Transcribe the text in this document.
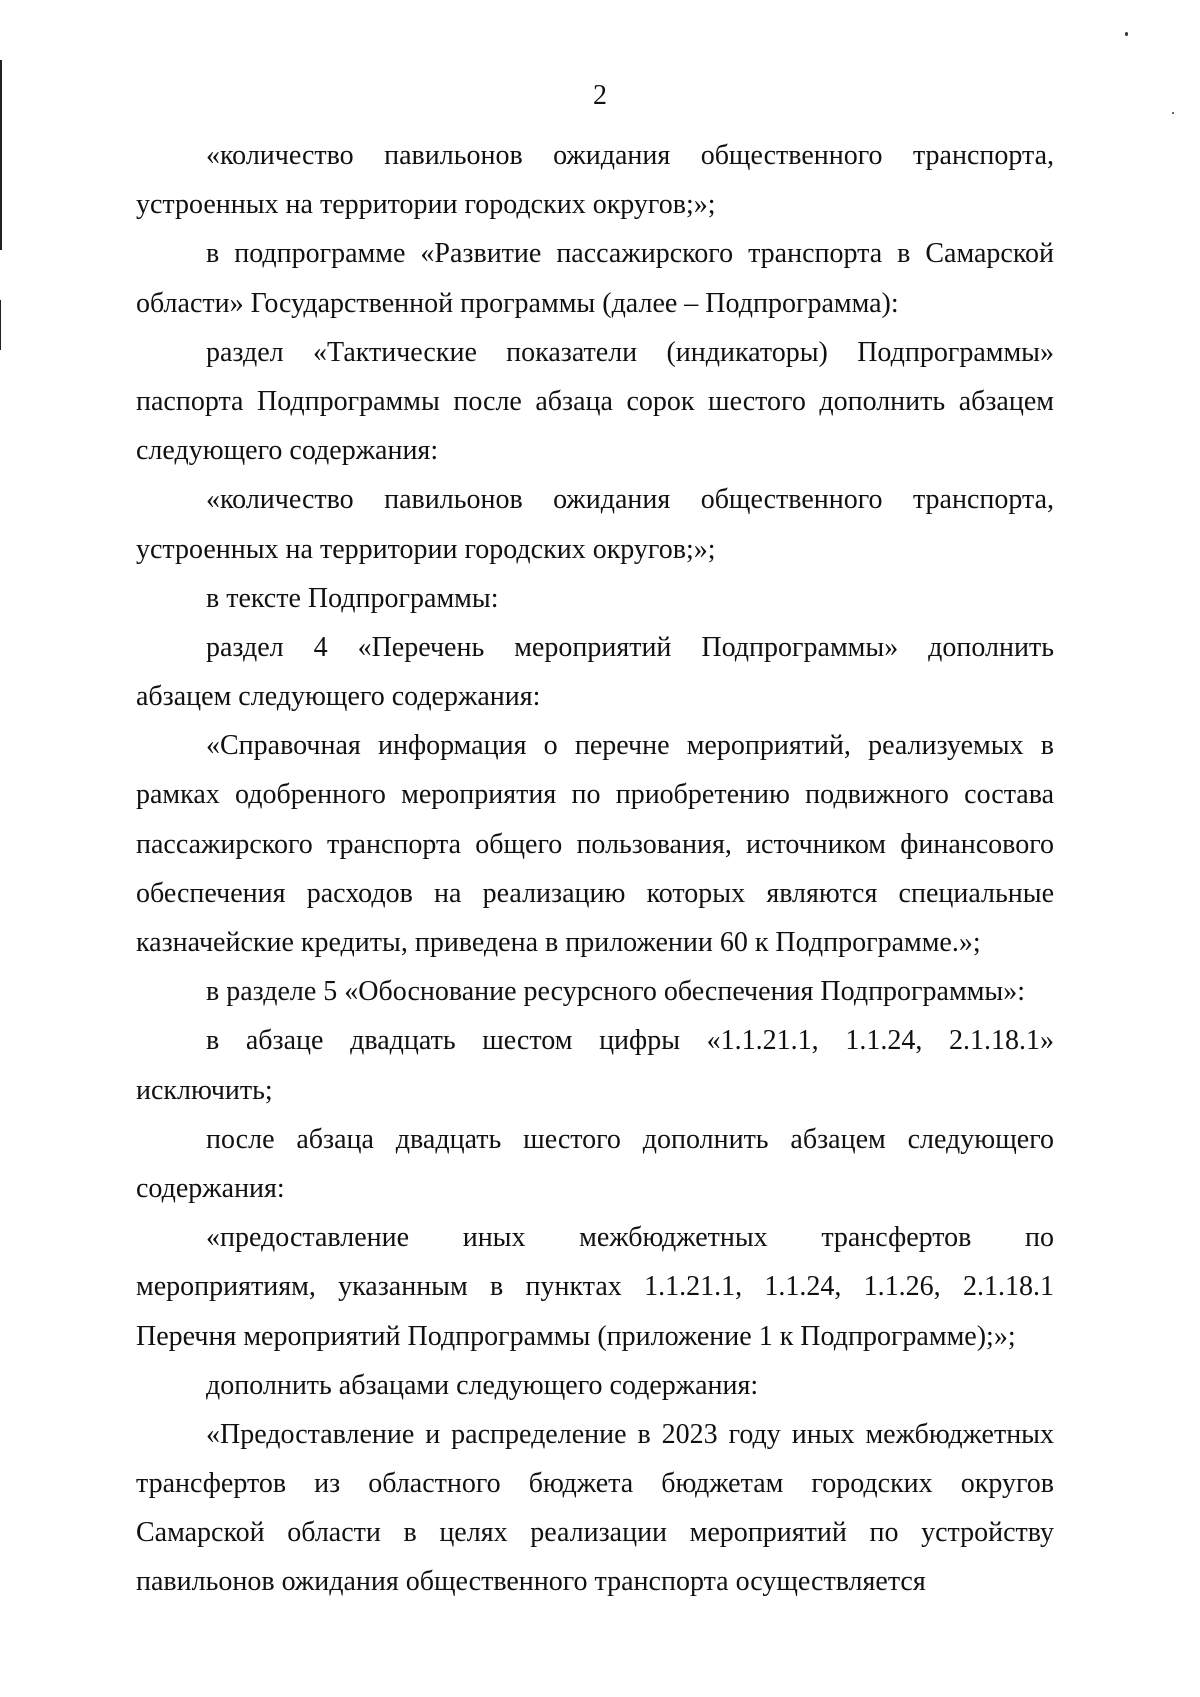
2
«количество павильонов ожидания общественного транспорта,
устроенных на территории городских округов;»;
в подпрограмме «Развитие пассажирского транспорта в Самарской
области» Государственной программы (далее – Подпрограмма):
раздел «Тактические показатели (индикаторы) Подпрограммы»
паспорта Подпрограммы после абзаца сорок шестого дополнить абзацем
следующего содержания:
«количество павильонов ожидания общественного транспорта,
устроенных на территории городских округов;»;
в тексте Подпрограммы:
раздел 4 «Перечень мероприятий Подпрограммы» дополнить
абзацем следующего содержания:
«Справочная информация о перечне мероприятий, реализуемых в
рамках одобренного мероприятия по приобретению подвижного состава
пассажирского транспорта общего пользования, источником финансового
обеспечения расходов на реализацию которых являются специальные
казначейские кредиты, приведена в приложении 60 к Подпрограмме.»;
в разделе 5 «Обоснование ресурсного обеспечения Подпрограммы»:
в абзаце двадцать шестом цифры «1.1.21.1, 1.1.24, 2.1.18.1»
исключить;
после абзаца двадцать шестого дополнить абзацем следующего
содержания:
«предоставление иных межбюджетных трансфертов по
мероприятиям, указанным в пунктах 1.1.21.1, 1.1.24, 1.1.26, 2.1.18.1
Перечня мероприятий Подпрограммы (приложение 1 к Подпрограмме);»;
дополнить абзацами следующего содержания:
«Предоставление и распределение в 2023 году иных межбюджетных
трансфертов из областного бюджета бюджетам городских округов
Самарской области в целях реализации мероприятий по устройству
павильонов ожидания общественного транспорта осуществляется
